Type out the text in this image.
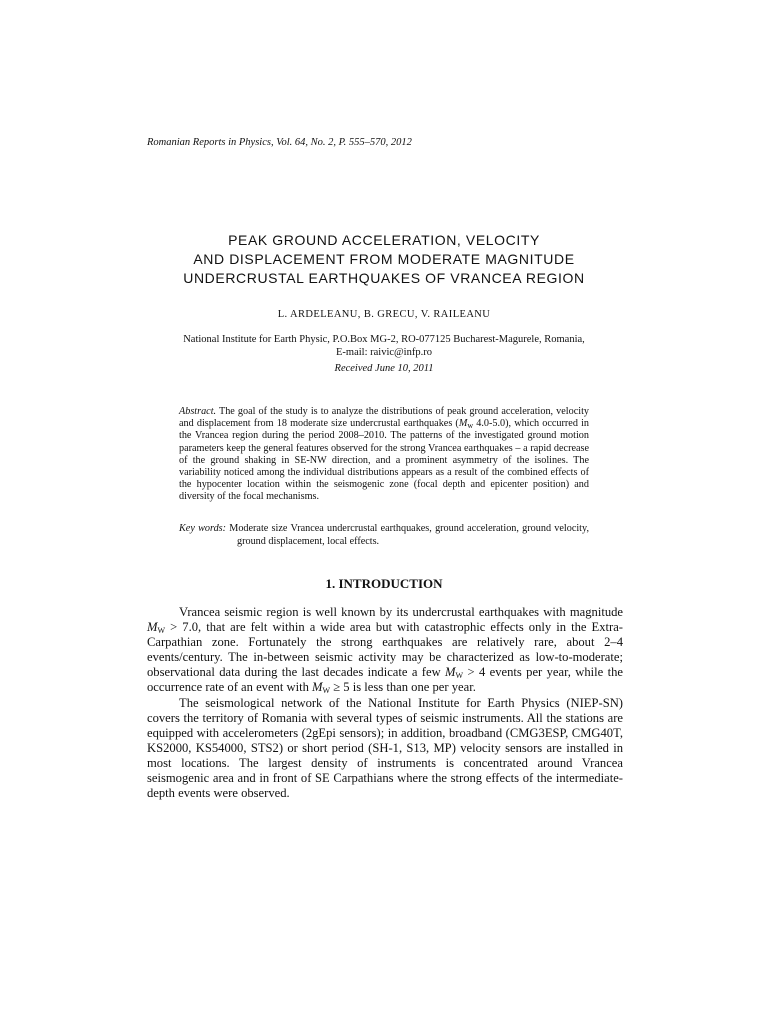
Romanian Reports in Physics, Vol. 64, No. 2, P. 555–570, 2012
PEAK GROUND ACCELERATION, VELOCITY
AND DISPLACEMENT FROM MODERATE MAGNITUDE
UNDERCRUSTAL EARTHQUAKES OF VRANCEA REGION
L. ARDELEANU, B. GRECU, V. RAILEANU
National Institute for Earth Physic, P.O.Box MG-2, RO-077125 Bucharest-Magurele, Romania,
E-mail: raivic@infp.ro
Received June 10, 2011
Abstract. The goal of the study is to analyze the distributions of peak ground acceleration, velocity and displacement from 18 moderate size undercrustal earthquakes ($M_w$ 4.0-5.0), which occurred in the Vrancea region during the period 2008–2010. The patterns of the investigated ground motion parameters keep the general features observed for the strong Vrancea earthquakes – a rapid decrease of the ground shaking in SE-NW direction, and a prominent asymmetry of the isolines. The variability noticed among the individual distributions appears as a result of the combined effects of the hypocenter location within the seismogenic zone (focal depth and epicenter position) and diversity of the focal mechanisms.
Key words: Moderate size Vrancea undercrustal earthquakes, ground acceleration, ground velocity, ground displacement, local effects.
1. INTRODUCTION

Vrancea seismic region is well known by its undercrustal earthquakes with magnitude $M_W > 7.0$, that are felt within a wide area but with catastrophic effects only in the Extra-Carpathian zone. Fortunately the strong earthquakes are relatively rare, about 2–4 events/century. The in-between seismic activity may be characterized as low-to-moderate; observational data during the last decades indicate a few $M_W > 4$ events per year, while the occurrence rate of an event with $M_W \ge 5$ is less than one per year.

The seismological network of the National Institute for Earth Physics (NIEP-SN) covers the territory of Romania with several types of seismic instruments. All the stations are equipped with accelerometers (2gEpi sensors); in addition, broadband (CMG3ESP, CMG40T, KS2000, KS54000, STS2) or short period (SH-1, S13, MP) velocity sensors are installed in most locations. The largest density of instruments is concentrated around Vrancea seismogenic area and in front of SE Carpathians where the strong effects of the intermediate-depth events were observed.
